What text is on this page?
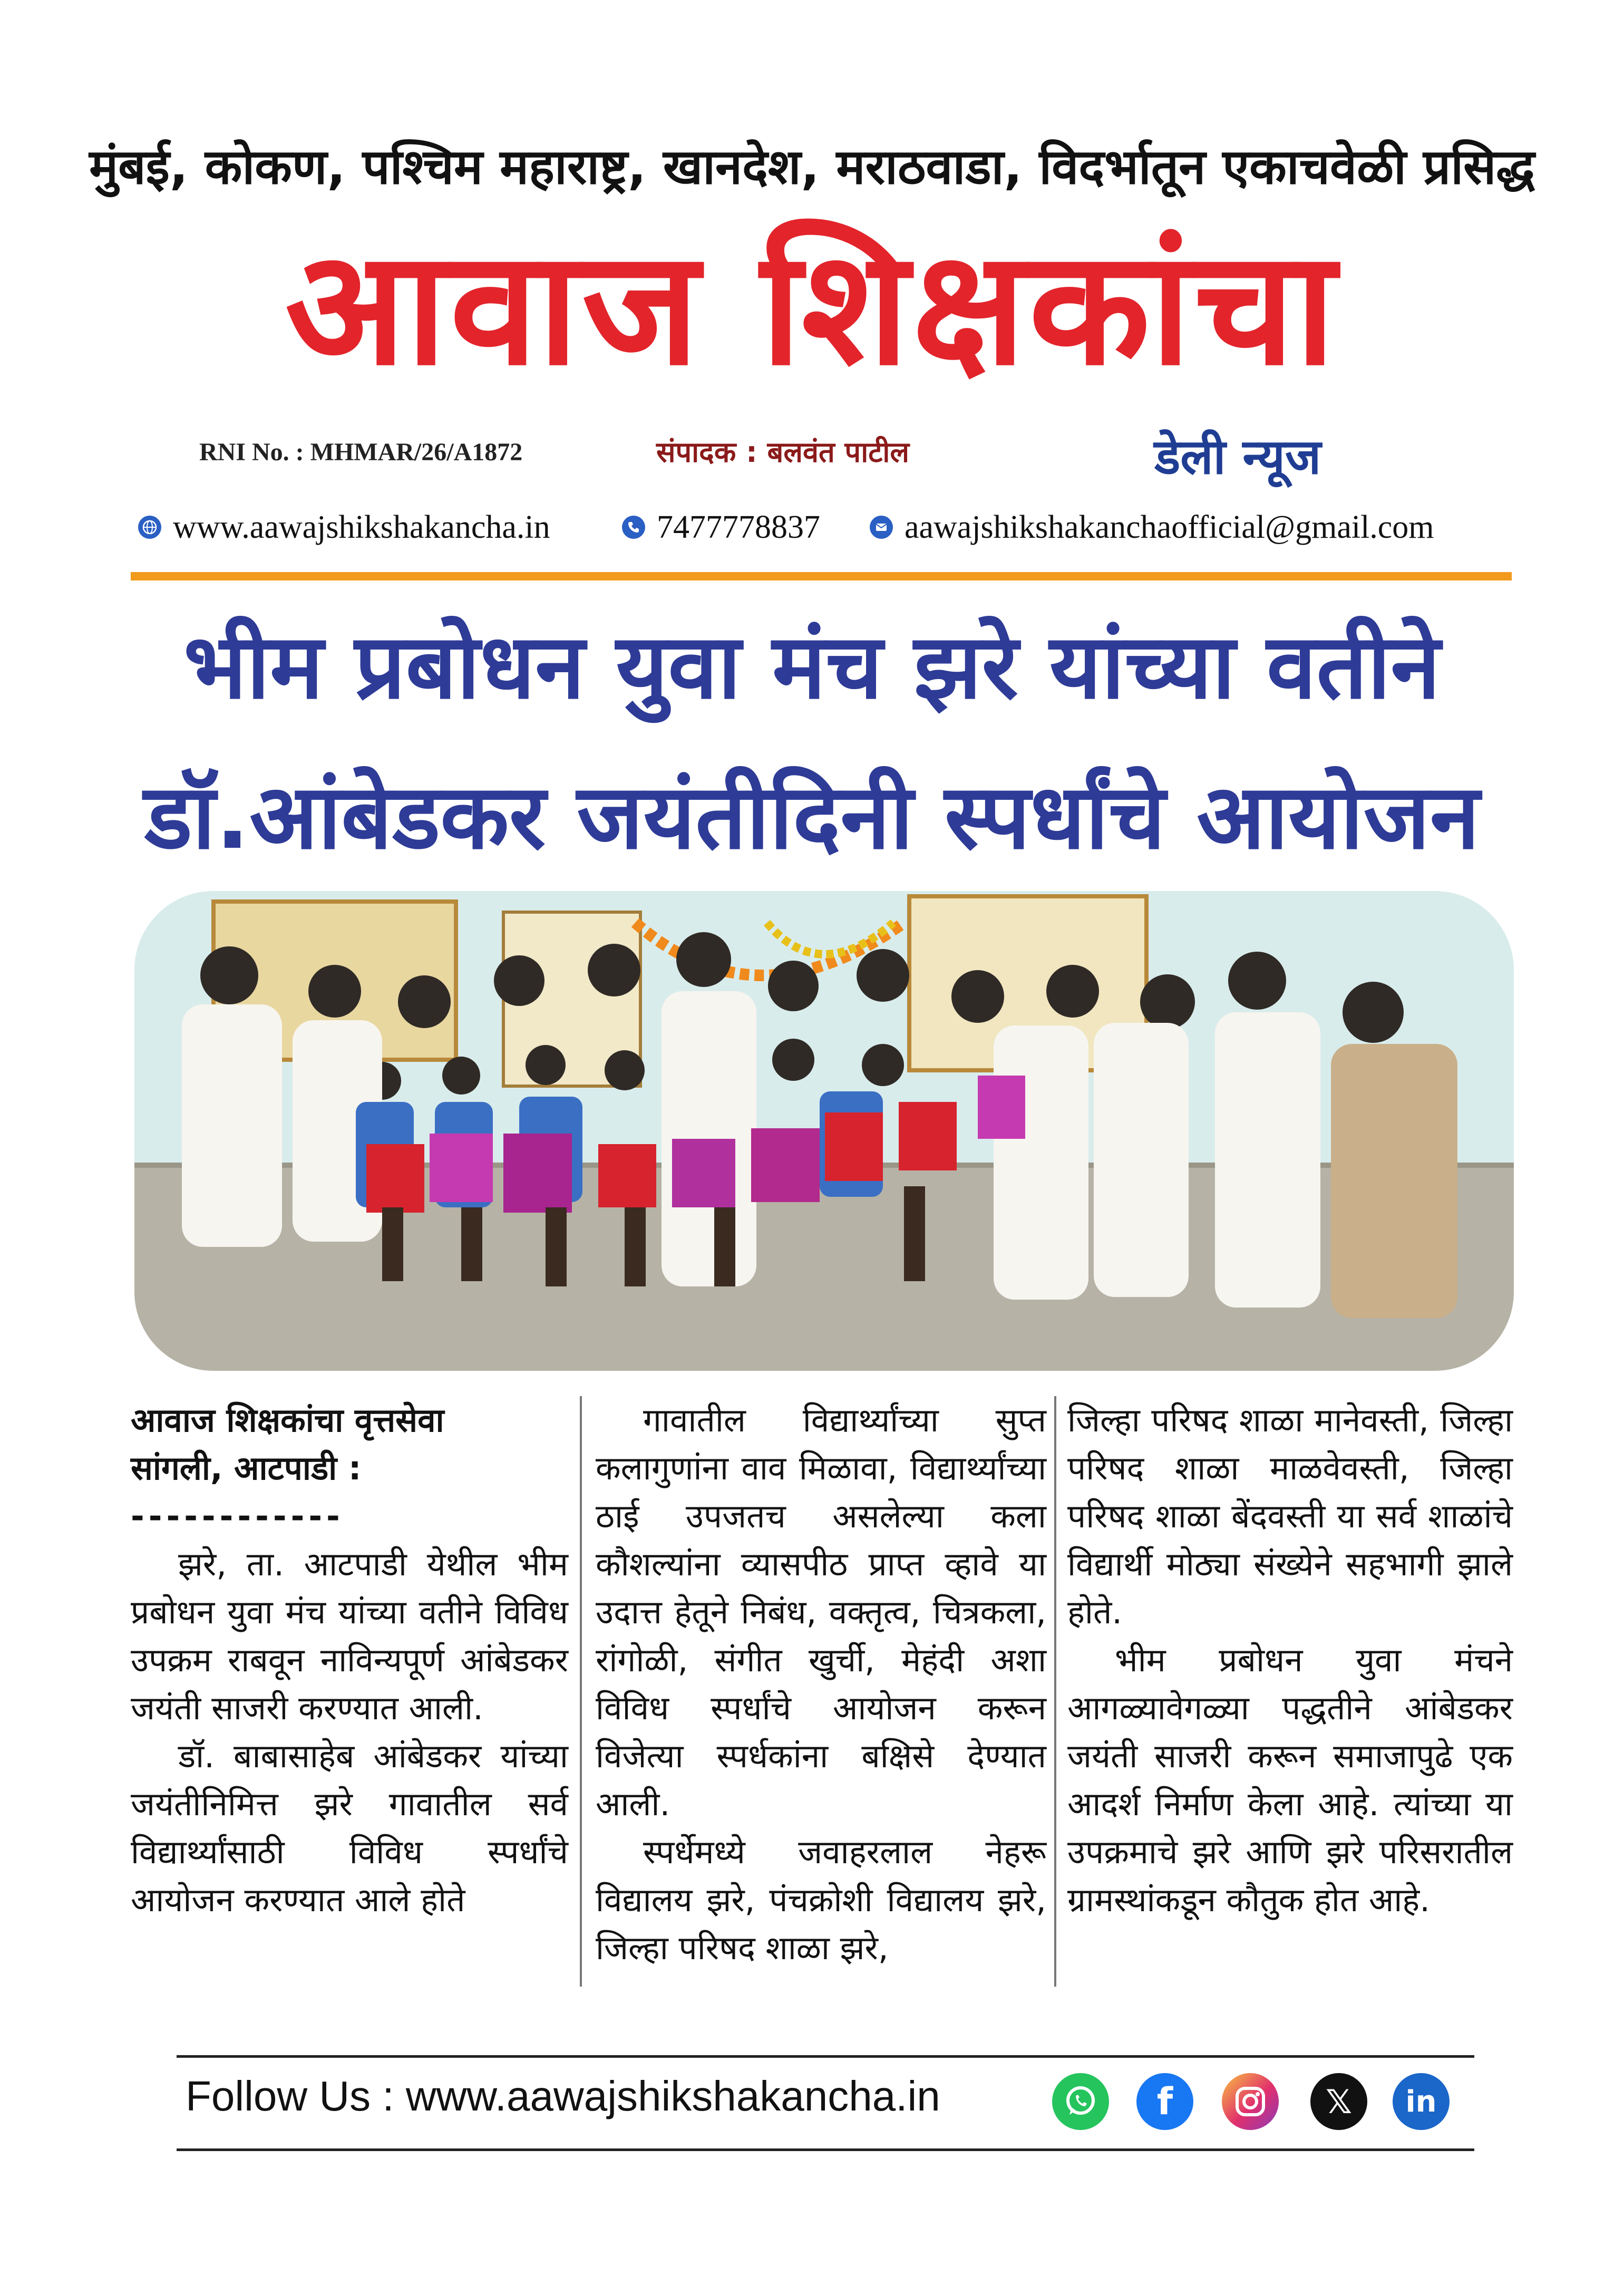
मुंबई, कोकण, पश्चिम महाराष्ट्र, खानदेश, मराठवाडा, विदर्भातून एकाचवेळी प्रसिद्ध
आवाज शिक्षकांचा
RNI No. : MHMAR/26/A1872	संपादक : बलवंत पाटील	डेली न्यूज
www.aawajshikshakancha.in	7477778837	aawajshikshakanchaofficial@gmail.com
भीम प्रबोधन युवा मंच झरे यांच्या वतीने
डॉ.आंबेडकर जयंतीदिनी स्पर्धांचे आयोजन

आवाज शिक्षकांचा वृत्तसेवा

सांगली, आटपाडी :

------------

झरे, ता. आटपाडी येथील भीम प्रबोधन युवा मंच यांच्या वतीने विविध उपक्रम राबवून नाविन्यपूर्ण आंबेडकर जयंती साजरी करण्यात आली.

डॉ. बाबासाहेब आंबेडकर यांच्या जयंतीनिमित्त झरे गावातील सर्व विद्यार्थ्यांसाठी विविध स्पर्धांचे आयोजन करण्यात आले होते

गावातील विद्यार्थ्यांच्या सुप्त कलागुणांना वाव मिळावा, विद्यार्थ्यांच्या ठाई उपजतच असलेल्या कला कौशल्यांना व्यासपीठ प्राप्त व्हावे या उदात्त हेतूने निबंध, वक्तृत्व, चित्रकला, रांगोळी, संगीत खुर्ची, मेहंदी अशा विविध स्पर्धांचे आयोजन करून विजेत्या स्पर्धकांना बक्षिसे देण्यात आली.

स्पर्धेमध्ये जवाहरलाल नेहरू विद्यालय झरे, पंचक्रोशी विद्यालय झरे, जिल्हा परिषद शाळा झरे,

जिल्हा परिषद शाळा मानेवस्ती, जिल्हा परिषद शाळा माळवेवस्ती, जिल्हा परिषद शाळा बेंदवस्ती या सर्व शाळांचे विद्यार्थी मोठ्या संख्येने सहभागी झाले होते.

भीम प्रबोधन युवा मंचने आगळ्यावेगळ्या पद्धतीने आंबेडकर जयंती साजरी करून समाजापुढे एक आदर्श निर्माण केला आहे. त्यांच्या या उपक्रमाचे झरे आणि झरे परिसरातील ग्रामस्थांकडून कौतुक होत आहे.

Follow Us : www.aawajshikshakancha.in	f	𝕏	in
